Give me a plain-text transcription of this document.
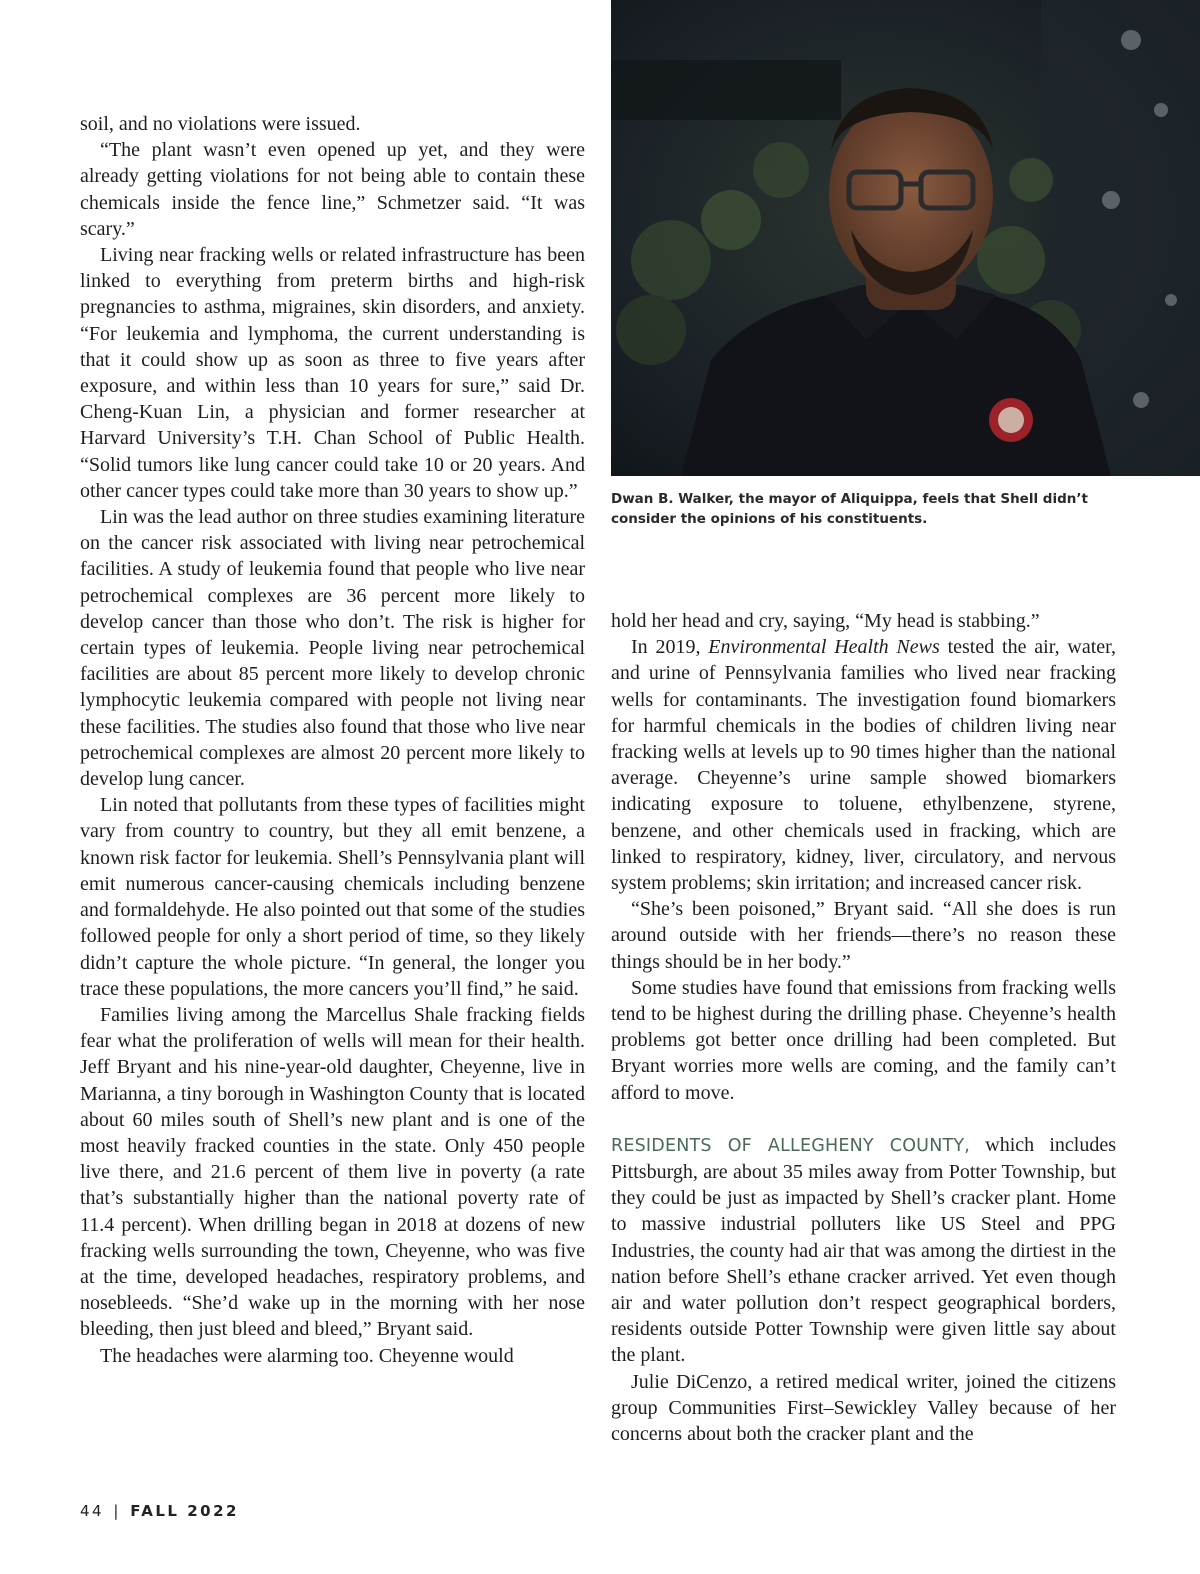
Dwan B. Walker, the mayor of Aliquippa, feels that Shell didn’t consider the opinions of his constituents.

soil, and no violations were issued.

“The plant wasn’t even opened up yet, and they were already getting violations for not being able to contain these chemicals inside the fence line,” Schmetzer said. “It was scary.”

Living near fracking wells or related infrastructure has been linked to everything from preterm births and high-risk pregnancies to asthma, migraines, skin disorders, and anxiety. “For leukemia and lymphoma, the current understanding is that it could show up as soon as three to five years after exposure, and within less than 10 years for sure,” said Dr. Cheng-Kuan Lin, a physician and former researcher at Harvard University’s T.H. Chan School of Public Health. “Solid tumors like lung cancer could take 10 or 20 years. And other cancer types could take more than 30 years to show up.”

Lin was the lead author on three studies examining literature on the cancer risk associated with living near petrochemical facilities. A study of leukemia found that people who live near petrochemical complexes are 36 percent more likely to develop cancer than those who don’t. The risk is higher for certain types of leukemia. People living near petrochemical facilities are about 85 percent more likely to develop chronic lymphocytic leukemia compared with people not living near these facilities. The studies also found that those who live near petrochemical complexes are almost 20 percent more likely to develop lung cancer.

Lin noted that pollutants from these types of facilities might vary from country to country, but they all emit benzene, a known risk factor for leukemia. Shell’s Pennsylvania plant will emit numerous cancer-causing chemicals including benzene and formaldehyde. He also pointed out that some of the studies followed people for only a short period of time, so they likely didn’t capture the whole picture. “In general, the longer you trace these populations, the more cancers you’ll find,” he said.

Families living among the Marcellus Shale fracking fields fear what the proliferation of wells will mean for their health. Jeff Bryant and his nine-year-old daughter, Cheyenne, live in Marianna, a tiny borough in Washington County that is located about 60 miles south of Shell’s new plant and is one of the most heavily fracked counties in the state. Only 450 people live there, and 21.6 percent of them live in poverty (a rate that’s substantially higher than the national poverty rate of 11.4 percent). When drilling began in 2018 at dozens of new fracking wells surrounding the town, Cheyenne, who was five at the time, developed headaches, respiratory problems, and nosebleeds. “She’d wake up in the morning with her nose bleeding, then just bleed and bleed,” Bryant said.

The headaches were alarming too. Cheyenne would

hold her head and cry, saying, “My head is stabbing.”

In 2019, Environmental Health News tested the air, water, and urine of Pennsylvania families who lived near fracking wells for contaminants. The investigation found biomarkers for harmful chemicals in the bodies of children living near fracking wells at levels up to 90 times higher than the national average. Cheyenne’s urine sample showed biomarkers indicating exposure to toluene, ethylbenzene, styrene, benzene, and other chemicals used in fracking, which are linked to respiratory, kidney, liver, circulatory, and nervous system problems; skin irritation; and increased cancer risk.

“She’s been poisoned,” Bryant said. “All she does is run around outside with her friends—there’s no reason these things should be in her body.”

Some studies have found that emissions from fracking wells tend to be highest during the drilling phase. Cheyenne’s health problems got better once drilling had been completed. But Bryant worries more wells are coming, and the family can’t afford to move.

RESIDENTS OF ALLEGHENY COUNTY, which includes Pittsburgh, are about 35 miles away from Potter Township, but they could be just as impacted by Shell’s cracker plant. Home to massive industrial polluters like US Steel and PPG Industries, the county had air that was among the dirtiest in the nation before Shell’s ethane cracker arrived. Yet even though air and water pollution don’t respect geographical borders, residents outside Potter Township were given little say about the plant.

Julie DiCenzo, a retired medical writer, joined the citizens group Communities First–Sewickley Valley because of her concerns about both the cracker plant and the

44 | FALL 2022
